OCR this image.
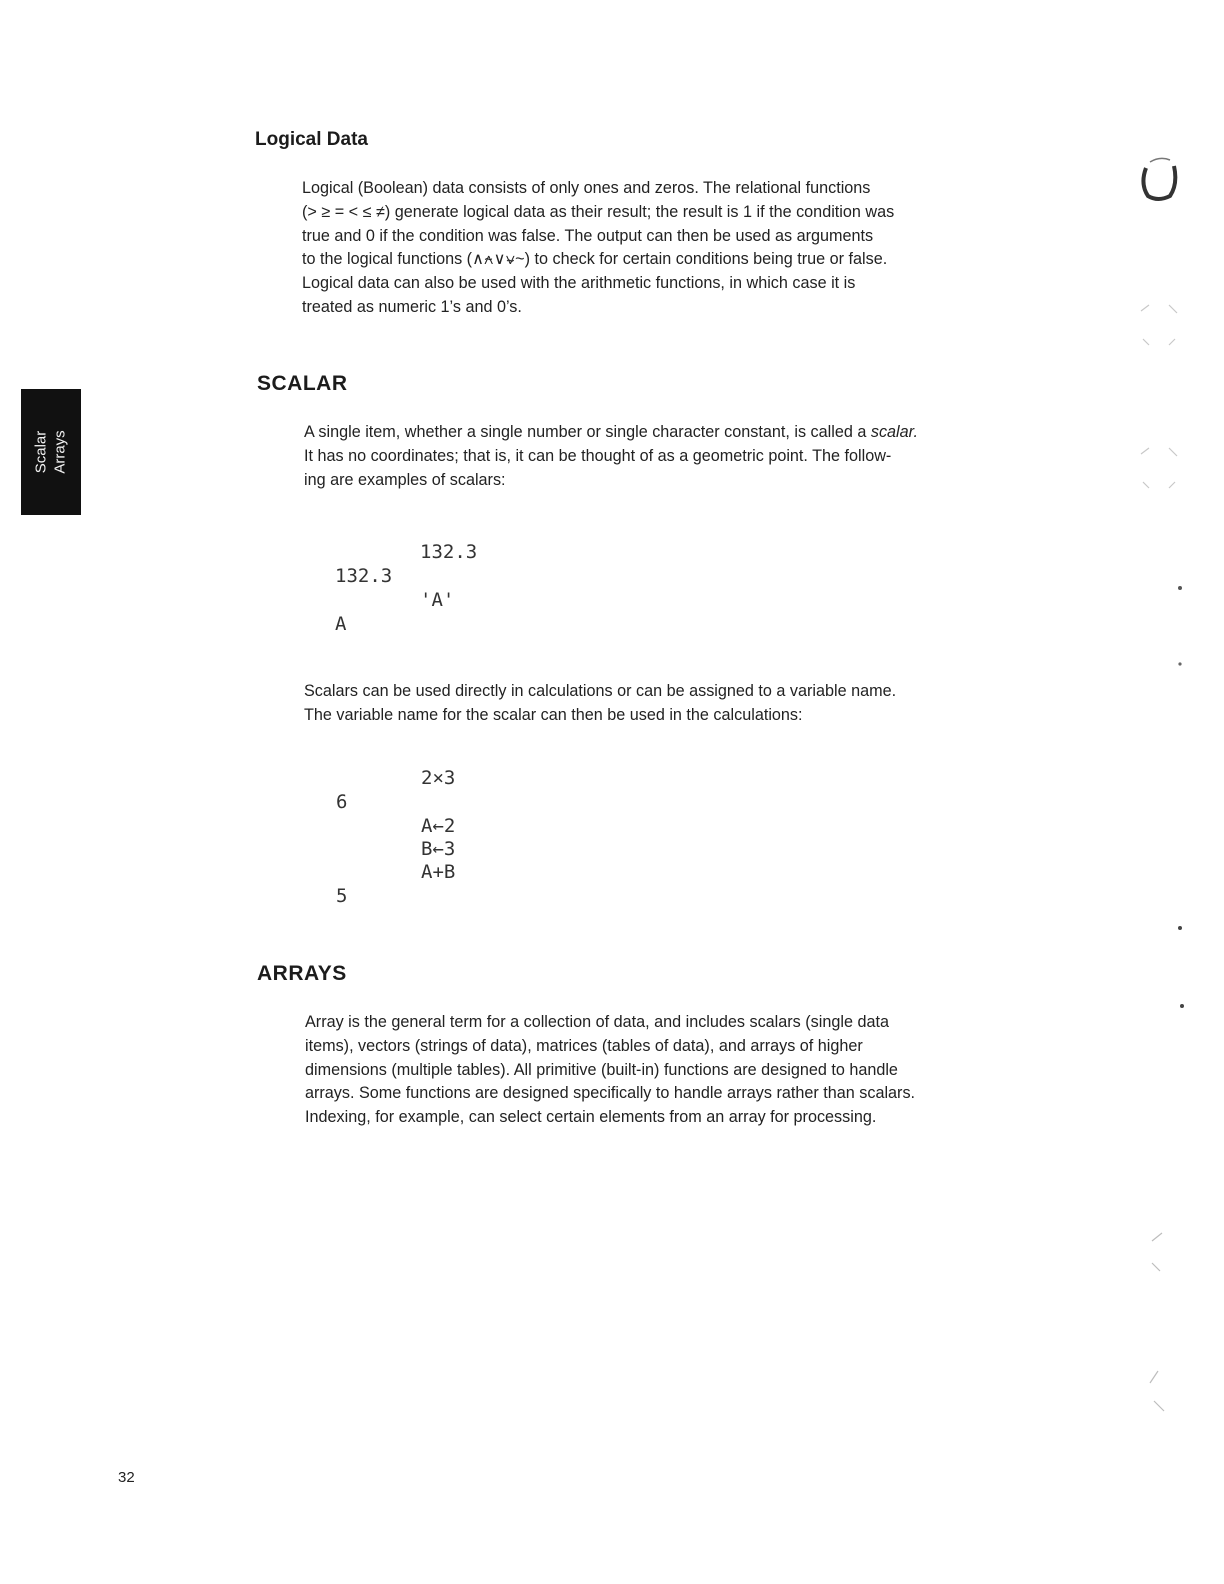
Scalar Arrays
Logical Data

Logical (Boolean) data consists of only ones and zeros. The relational functions
(> ≥ = < ≤ ≠) generate logical data as their result; the result is 1 if the condition was
true and 0 if the condition was false. The output can then be used as arguments
to the logical functions (∧⍲∨⍱~) to check for certain conditions being true or false.
Logical data can also be used with the arithmetic functions, in which case it is
treated as numeric 1’s and 0’s.

SCALAR

A single item, whether a single number or single character constant, is called a scalar.
It has no coordinates; that is, it can be thought of as a geometric point. The follow-
ing are examples of scalars:

132.3
132.3
'A'
A

Scalars can be used directly in calculations or can be assigned to a variable name.
The variable name for the scalar can then be used in the calculations:

2×3
6
A←2
B←3
A+B
5
ARRAYS

Array is the general term for a collection of data, and includes scalars (single data
items), vectors (strings of data), matrices (tables of data), and arrays of higher
dimensions (multiple tables). All primitive (built-in) functions are designed to handle
arrays. Some functions are designed specifically to handle arrays rather than scalars.
Indexing, for example, can select certain elements from an array for processing.

32
